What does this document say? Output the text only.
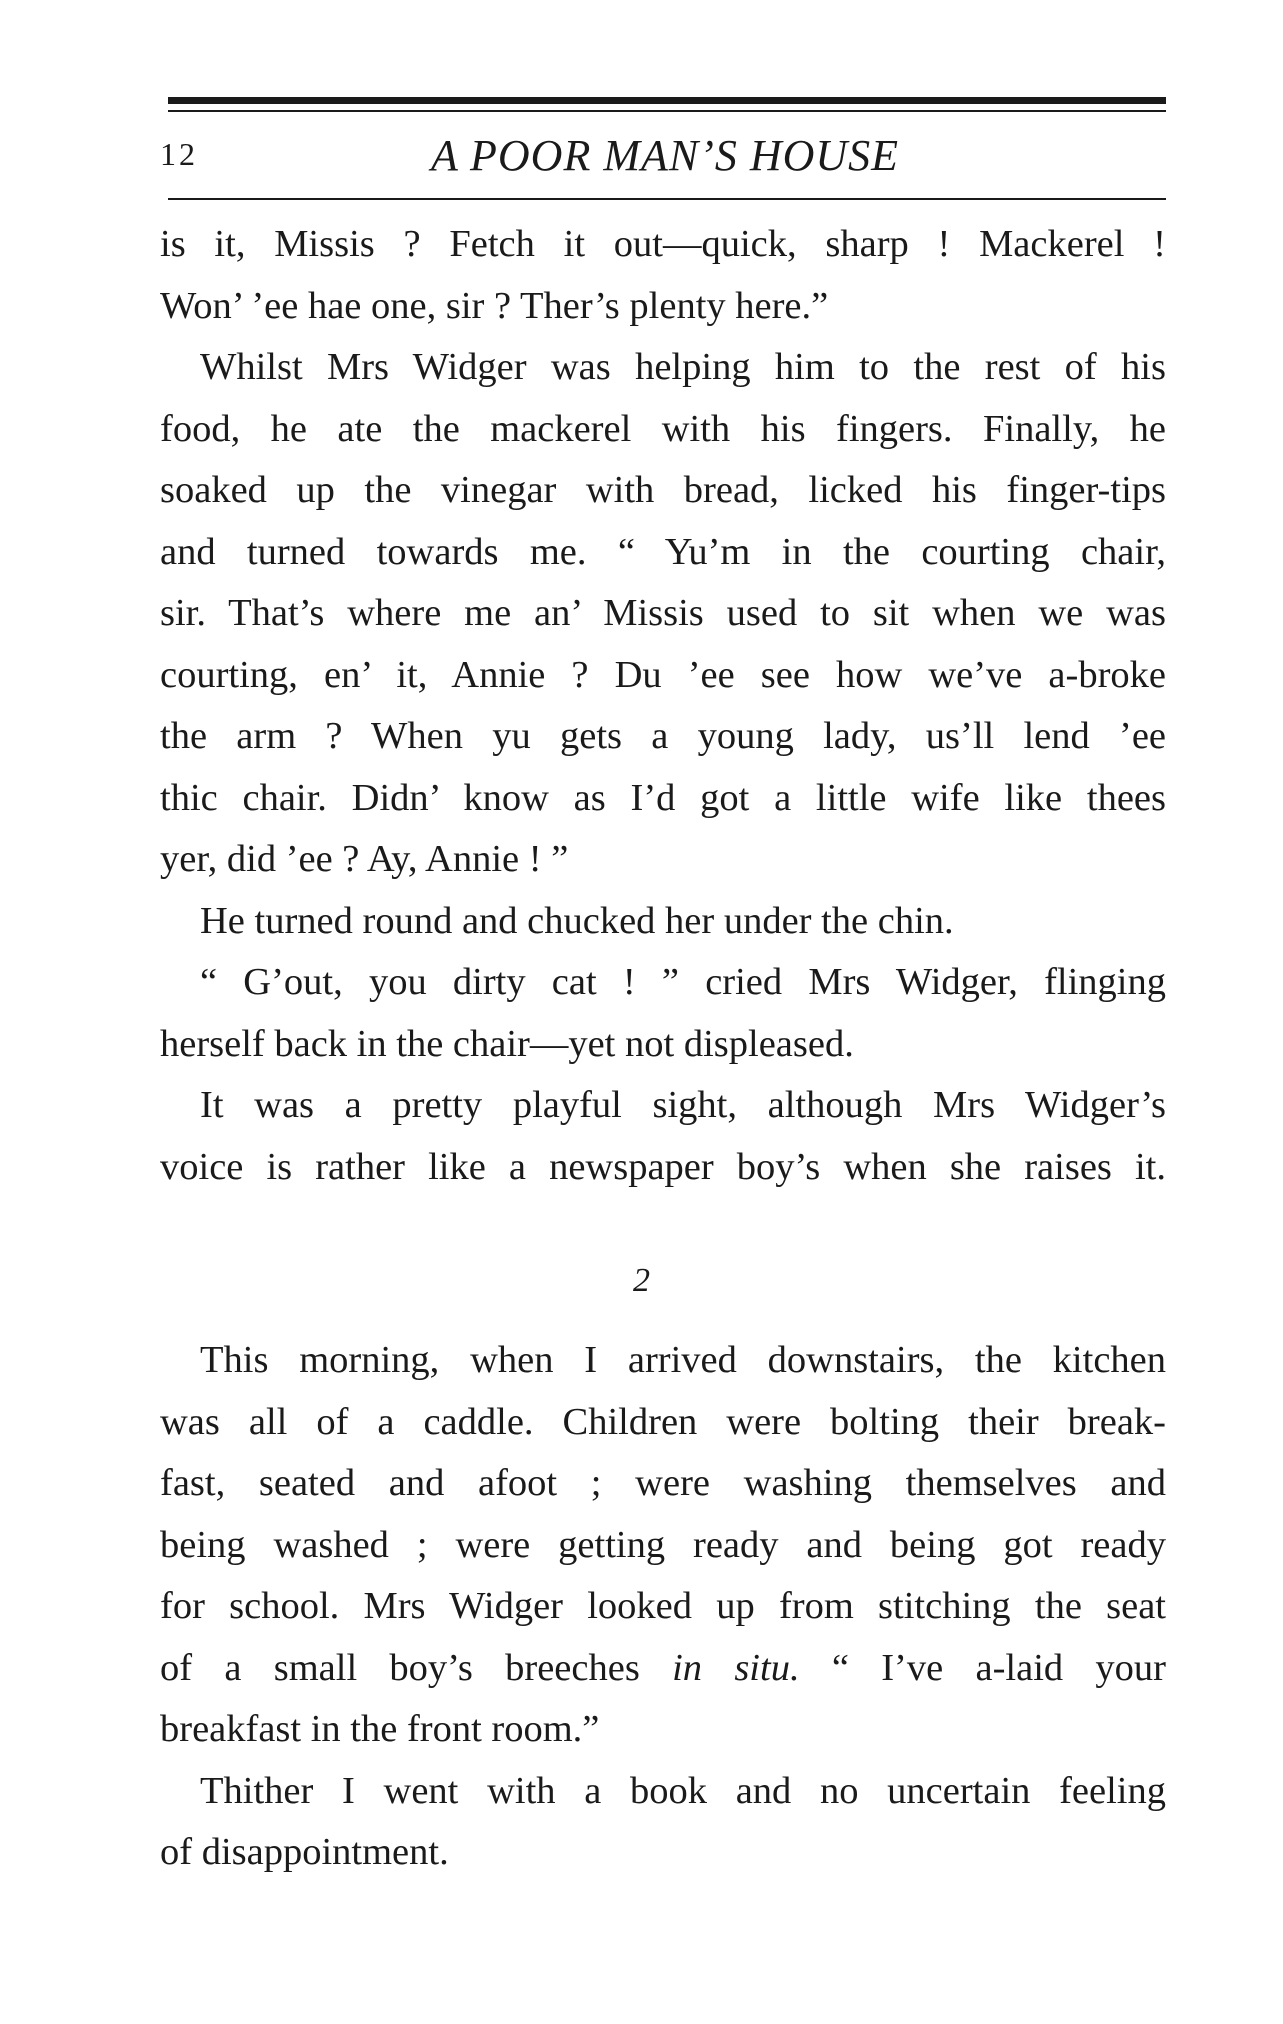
12	A POOR MAN’S HOUSE

is it, Missis ? Fetch it out—quick, sharp ! Mackerel !

Won’ ’ee hae one, sir ? Ther’s plenty here.”

Whilst Mrs Widger was helping him to the rest of his

food, he ate the mackerel with his fingers. Finally, he

soaked up the vinegar with bread, licked his finger-tips

and turned towards me. “ Yu’m in the courting chair,

sir. That’s where me an’ Missis used to sit when we was

courting, en’ it, Annie ? Du ’ee see how we’ve a-broke

the arm ? When yu gets a young lady, us’ll lend ’ee

thic chair. Didn’ know as I’d got a little wife like thees

yer, did ’ee ? Ay, Annie ! ”

He turned round and chucked her under the chin.

“ G’out, you dirty cat ! ” cried Mrs Widger, flinging

herself back in the chair—yet not displeased.

It was a pretty playful sight, although Mrs Widger’s

voice is rather like a newspaper boy’s when she raises it.

2

This morning, when I arrived downstairs, the kitchen

was all of a caddle. Children were bolting their break-

fast, seated and afoot ; were washing themselves and

being washed ; were getting ready and being got ready

for school. Mrs Widger looked up from stitching the seat

of a small boy’s breeches in situ. “ I’ve a-laid your

breakfast in the front room.”

Thither I went with a book and no uncertain feeling

of disappointment.
